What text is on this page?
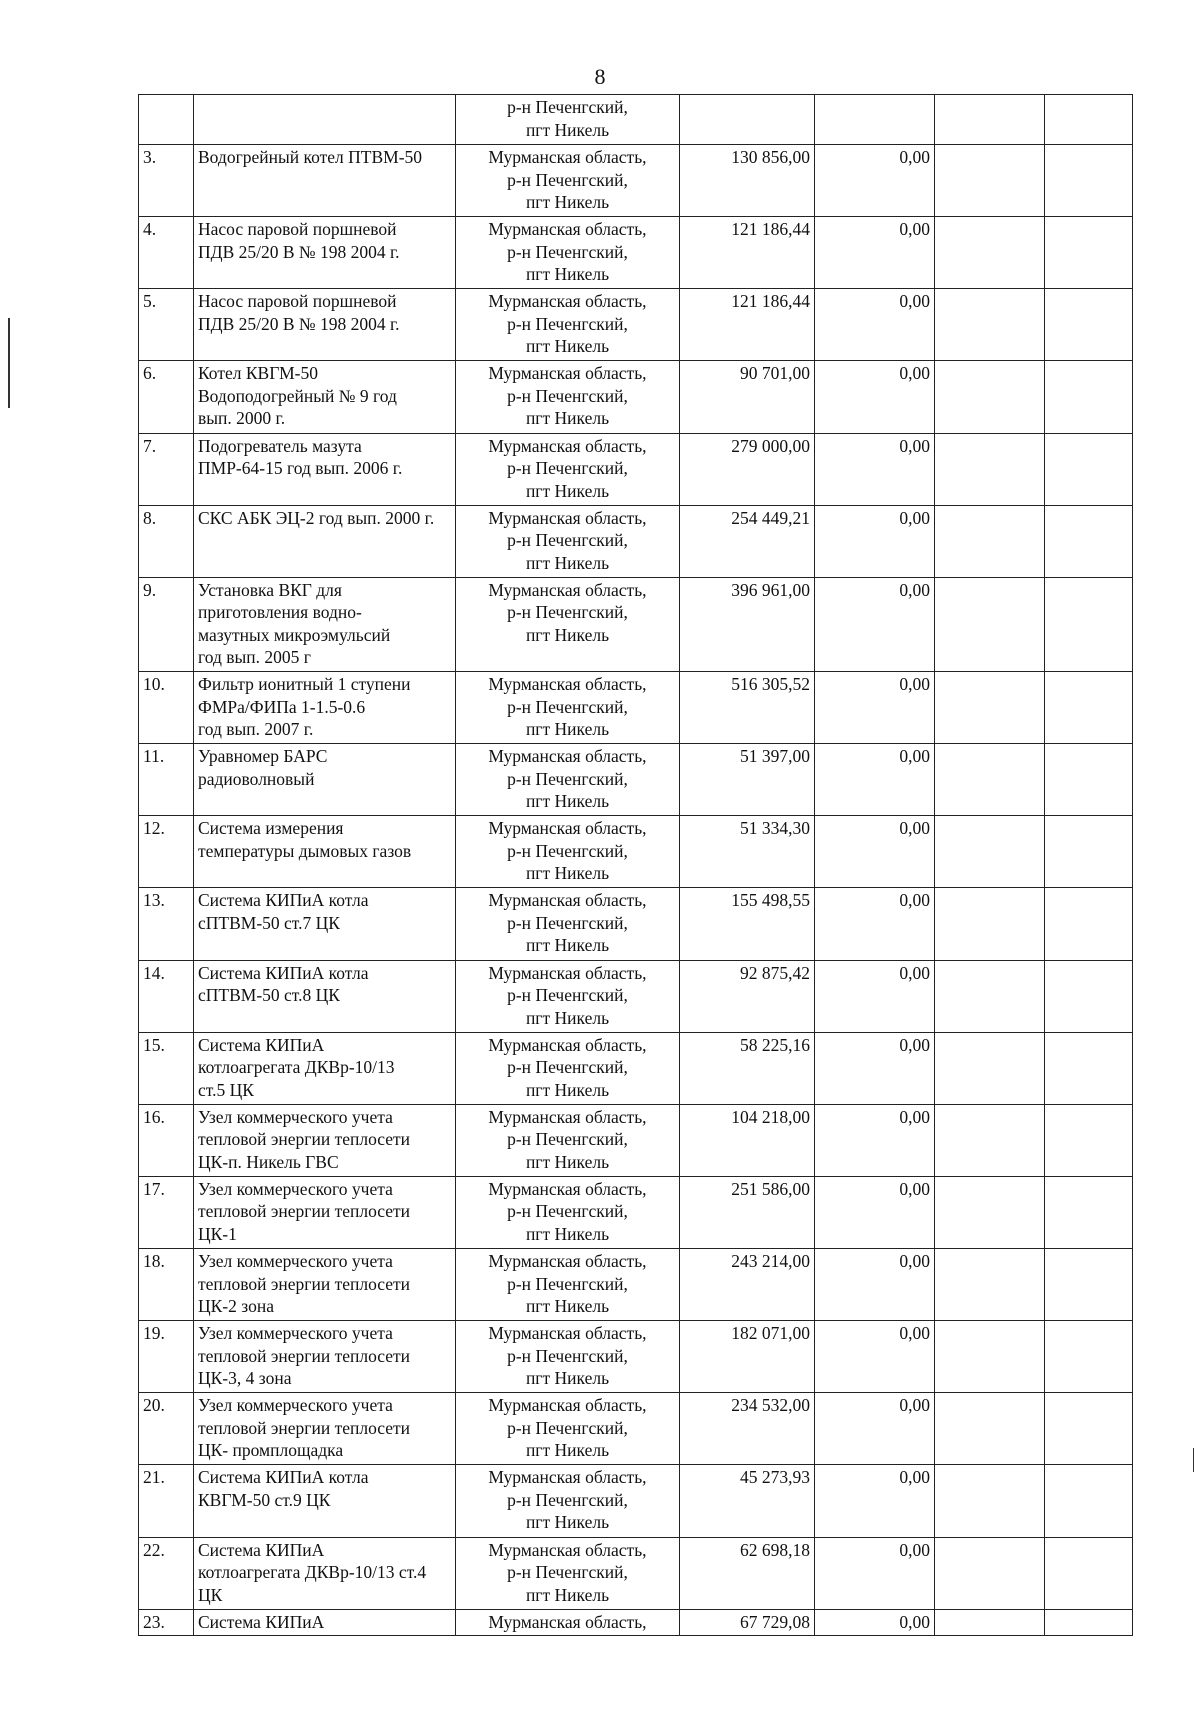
8

		р-н Печенгский,
пгт Никель				

3.	Водогрейный котел ПТВМ-50	Мурманская область,
р-н Печенгский,
пгт Никель	130 856,00	0,00		
4.	Насос паровой поршневой
ПДВ 25/20 В № 198 2004 г.	Мурманская область,
р-н Печенгский,
пгт Никель	121 186,44	0,00		
5.	Насос паровой поршневой
ПДВ 25/20 В № 198 2004 г.	Мурманская область,
р-н Печенгский,
пгт Никель	121 186,44	0,00		
6.	Котел КВГМ-50
Водоподогрейный № 9 год
вып. 2000 г.	Мурманская область,
р-н Печенгский,
пгт Никель	90 701,00	0,00		
7.	Подогреватель мазута
ПМР-64-15 год вып. 2006 г.	Мурманская область,
р-н Печенгский,
пгт Никель	279 000,00	0,00		
8.	СКС АБК ЭЦ-2 год вып. 2000 г.	Мурманская область,
р-н Печенгский,
пгт Никель	254 449,21	0,00		
9.	Установка ВКГ для
приготовления водно-
мазутных микроэмульсий
год вып. 2005 г	Мурманская область,
р-н Печенгский,
пгт Никель	396 961,00	0,00		
10.	Фильтр ионитный 1 ступени
ФМРа/ФИПа 1-1.5-0.6
год вып. 2007 г.	Мурманская область,
р-н Печенгский,
пгт Никель	516 305,52	0,00		
11.	Уравномер БАРС
радиоволновый	Мурманская область,
р-н Печенгский,
пгт Никель	51 397,00	0,00		
12.	Система измерения
температуры дымовых газов	Мурманская область,
р-н Печенгский,
пгт Никель	51 334,30	0,00		
13.	Система КИПиА котла
сПТВМ-50 ст.7 ЦК	Мурманская область,
р-н Печенгский,
пгт Никель	155 498,55	0,00		
14.	Система КИПиА котла
сПТВМ-50 ст.8 ЦК	Мурманская область,
р-н Печенгский,
пгт Никель	92 875,42	0,00		
15.	Система КИПиА
котлоагрегата ДКВр-10/13
ст.5 ЦК	Мурманская область,
р-н Печенгский,
пгт Никель	58 225,16	0,00		
16.	Узел коммерческого учета
тепловой энергии теплосети
ЦК-п. Никель ГВС	Мурманская область,
р-н Печенгский,
пгт Никель	104 218,00	0,00		
17.	Узел коммерческого учета
тепловой энергии теплосети
ЦК-1	Мурманская область,
р-н Печенгский,
пгт Никель	251 586,00	0,00		
18.	Узел коммерческого учета
тепловой энергии теплосети
ЦК-2 зона	Мурманская область,
р-н Печенгский,
пгт Никель	243 214,00	0,00		
19.	Узел коммерческого учета
тепловой энергии теплосети
ЦК-3, 4 зона	Мурманская область,
р-н Печенгский,
пгт Никель	182 071,00	0,00		
20.	Узел коммерческого учета
тепловой энергии теплосети
ЦК- промплощадка	Мурманская область,
р-н Печенгский,
пгт Никель	234 532,00	0,00		
21.	Система КИПиА котла
КВГМ-50 ст.9 ЦК	Мурманская область,
р-н Печенгский,
пгт Никель	45 273,93	0,00		
22.	Система КИПиА
котлоагрегата ДКВр-10/13 ст.4
ЦК	Мурманская область,
р-н Печенгский,
пгт Никель	62 698,18	0,00		
23.	Система КИПиА	Мурманская область,	67 729,08	0,00		
